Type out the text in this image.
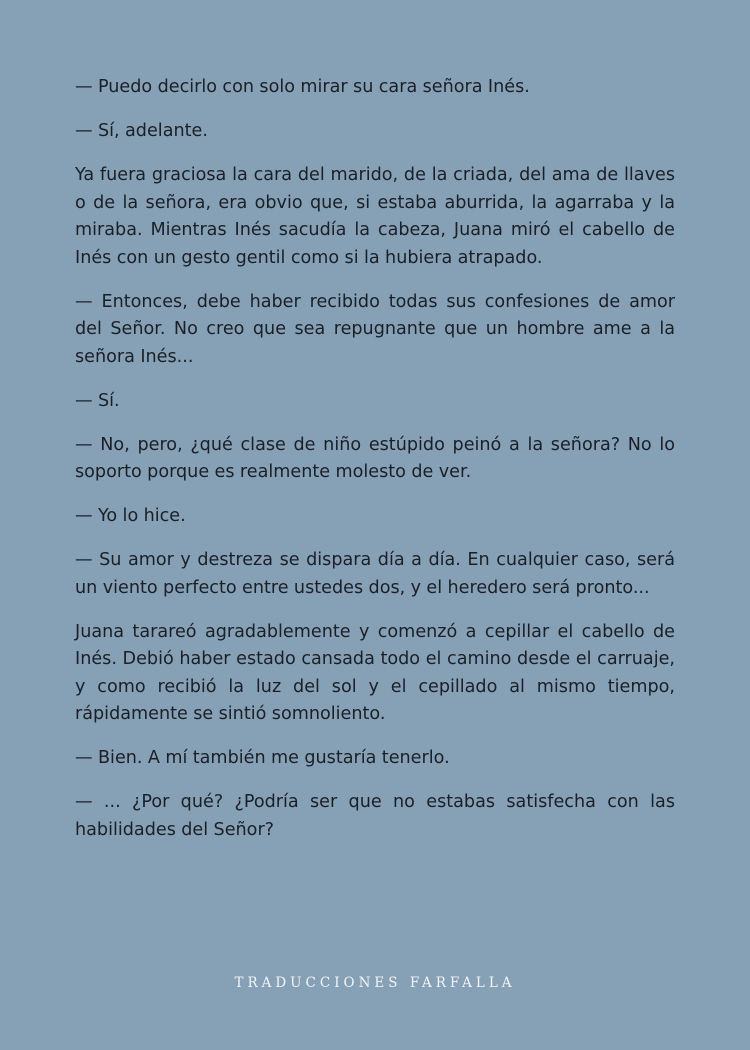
— Puedo decirlo con solo mirar su cara señora Inés.

— Sí, adelante.

Ya fuera graciosa la cara del marido, de la criada, del ama de llaves o de la señora, era obvio que, si estaba aburrida, la agarraba y la miraba. Mientras Inés sacudía la cabeza, Juana miró el cabello de Inés con un gesto gentil como si la hubiera atrapado.

— Entonces, debe haber recibido todas sus confesiones de amor del Señor. No creo que sea repugnante que un hombre ame a la señora Inés...

— Sí.

— No, pero, ¿qué clase de niño estúpido peinó a la señora? No lo soporto porque es realmente molesto de ver.

— Yo lo hice.

— Su amor y destreza se dispara día a día. En cualquier caso, será un viento perfecto entre ustedes dos, y el heredero será pronto...

Juana tarareó agradablemente y comenzó a cepillar el cabello de Inés. Debió haber estado cansada todo el camino desde el carruaje, y como recibió la luz del sol y el cepillado al mismo tiempo, rápidamente se sintió somnoliento.

— Bien. A mí también me gustaría tenerlo.

— ... ¿Por qué? ¿Podría ser que no estabas satisfecha con las habilidades del Señor?

TRADUCCIONES FARFALLA
